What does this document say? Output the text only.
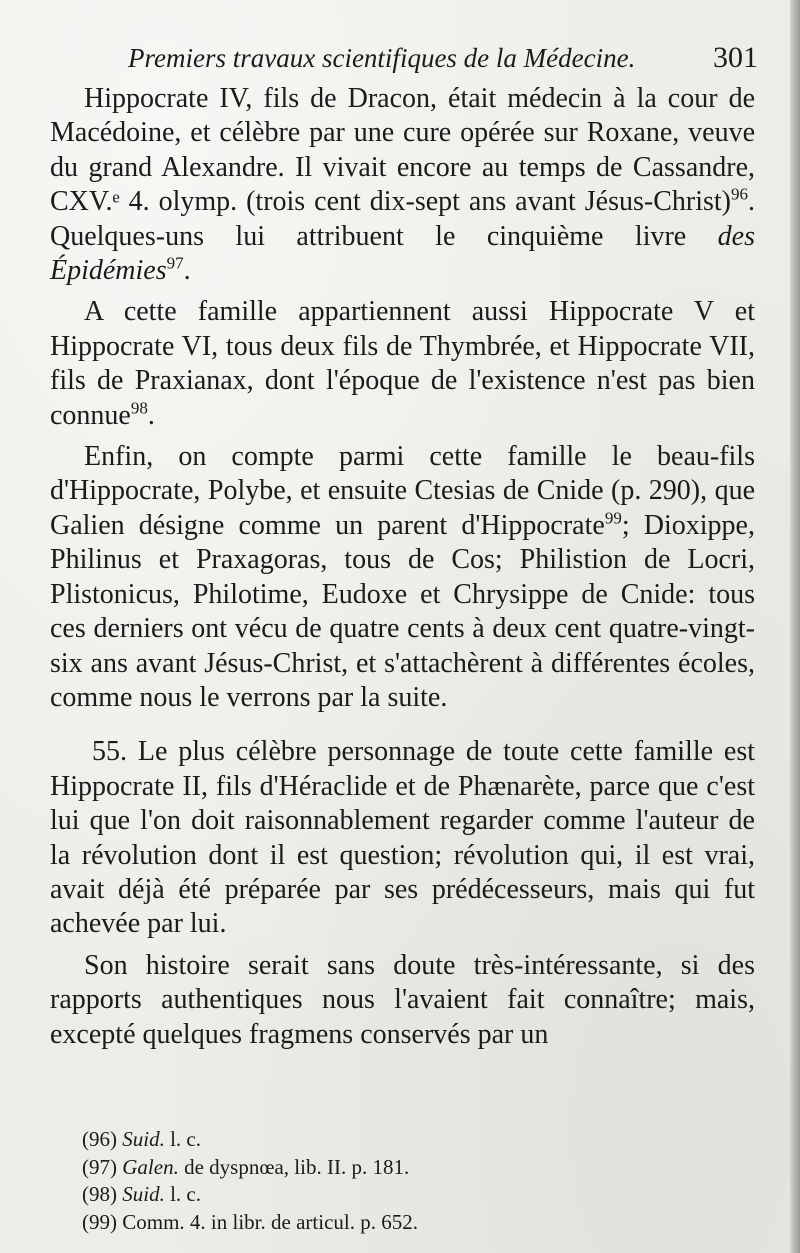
Premiers travaux scientifiques de la Médecine.	301

Hippocrate IV, fils de Dracon, était médecin à la cour de Macédoine, et célèbre par une cure opérée sur Roxane, veuve du grand Alexandre. Il vivait encore au temps de Cassandre, CXV.ᵉ 4. olymp. (trois cent dix-sept ans avant Jésus-Christ)$^{96}$. Quelques-uns lui attribuent le cinquième livre des Épidémies$^{97}$.

A cette famille appartiennent aussi Hippocrate V et Hippocrate VI, tous deux fils de Thymbrée, et Hippocrate VII, fils de Praxianax, dont l'époque de l'existence n'est pas bien connue$^{98}$.

Enfin, on compte parmi cette famille le beau-fils d'Hippocrate, Polybe, et ensuite Ctesias de Cnide (p. 290), que Galien désigne comme un parent d'Hippocrate$^{99}$; Dioxippe, Philinus et Praxagoras, tous de Cos; Philistion de Locri, Plistonicus, Philotime, Eudoxe et Chrysippe de Cnide: tous ces derniers ont vécu de quatre cents à deux cent quatre-vingt-six ans avant Jésus-Christ, et s'attachèrent à différentes écoles, comme nous le verrons par la suite.

55. Le plus célèbre personnage de toute cette famille est Hippocrate II, fils d'Héraclide et de Phænarète, parce que c'est lui que l'on doit raisonnablement regarder comme l'auteur de la révolution dont il est question; révolution qui, il est vrai, avait déjà été préparée par ses prédécesseurs, mais qui fut achevée par lui.

Son histoire serait sans doute très-intéressante, si des rapports authentiques nous l'avaient fait connaître; mais, excepté quelques fragmens conservés par un

(96) Suid. l. c.
(97) Galen. de dyspnœa, lib. II. p. 181.
(98) Suid. l. c.
(99) Comm. 4. in libr. de articul. p. 652.
